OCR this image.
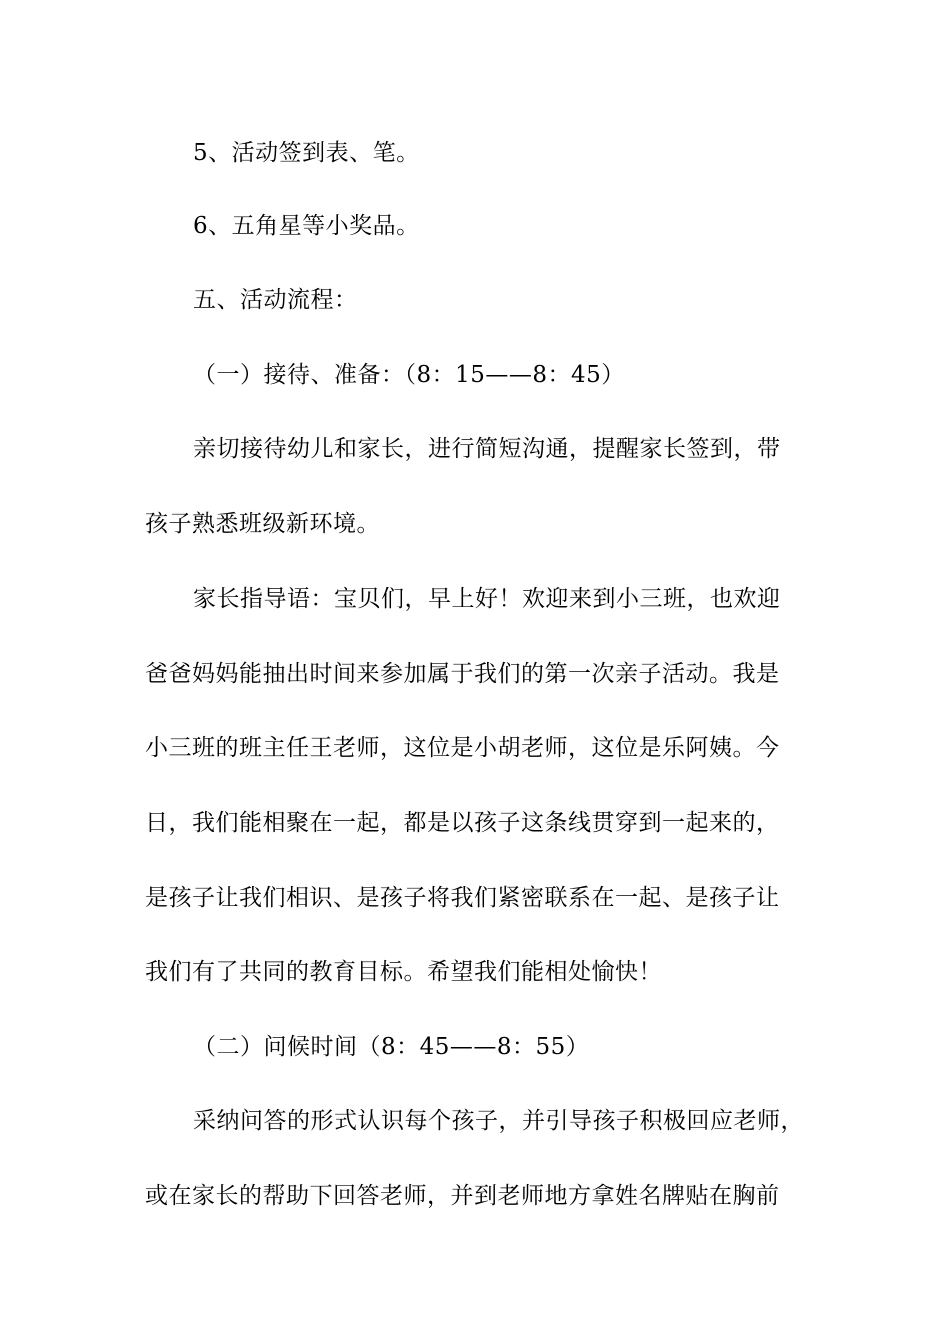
5、活动签到表、笔。
6、五角星等小奖品。
五、活动流程：
（一）接待、准备：（8：15——8：45）
亲切接待幼儿和家长，进行简短沟通，提醒家长签到，带
孩子熟悉班级新环境。
家长指导语：宝贝们，早上好！欢迎来到小三班，也欢迎
爸爸妈妈能抽出时间来参加属于我们的第一次亲子活动。我是
小三班的班主任王老师，这位是小胡老师，这位是乐阿姨。今
日，我们能相聚在一起，都是以孩子这条线贯穿到一起来的，
是孩子让我们相识、是孩子将我们紧密联系在一起、是孩子让
我们有了共同的教育目标。希望我们能相处愉快！
（二）问候时间（8：45——8：55）
采纳问答的形式认识每个孩子，并引导孩子积极回应老师，
或在家长的帮助下回答老师，并到老师地方拿姓名牌贴在胸前
